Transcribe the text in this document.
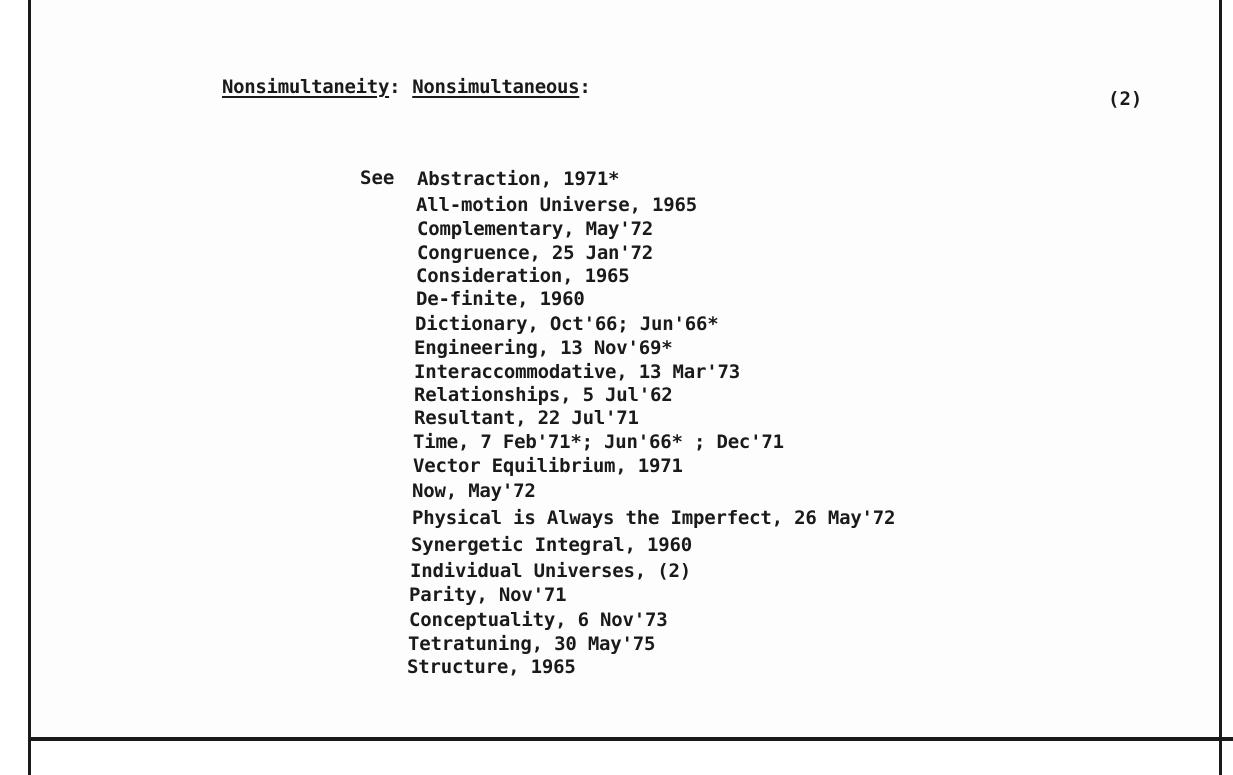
Nonsimultaneity: Nonsimultaneous:
(2)
See Abstraction, 1971*
All-motion Universe, 1965
Complementary, May'72
Congruence, 25 Jan'72
Consideration, 1965
De-finite, 1960
Dictionary, Oct'66; Jun'66*
Engineering, 13 Nov'69*
Interaccommodative, 13 Mar'73
Relationships, 5 Jul'62
Resultant, 22 Jul'71
Time, 7 Feb'71*; Jun'66* ; Dec'71
Vector Equilibrium, 1971
Now, May'72
Physical is Always the Imperfect, 26 May'72
Synergetic Integral, 1960
Individual Universes, (2)
Parity, Nov'71
Conceptuality, 6 Nov'73
Tetratuning, 30 May'75
Structure, 1965
